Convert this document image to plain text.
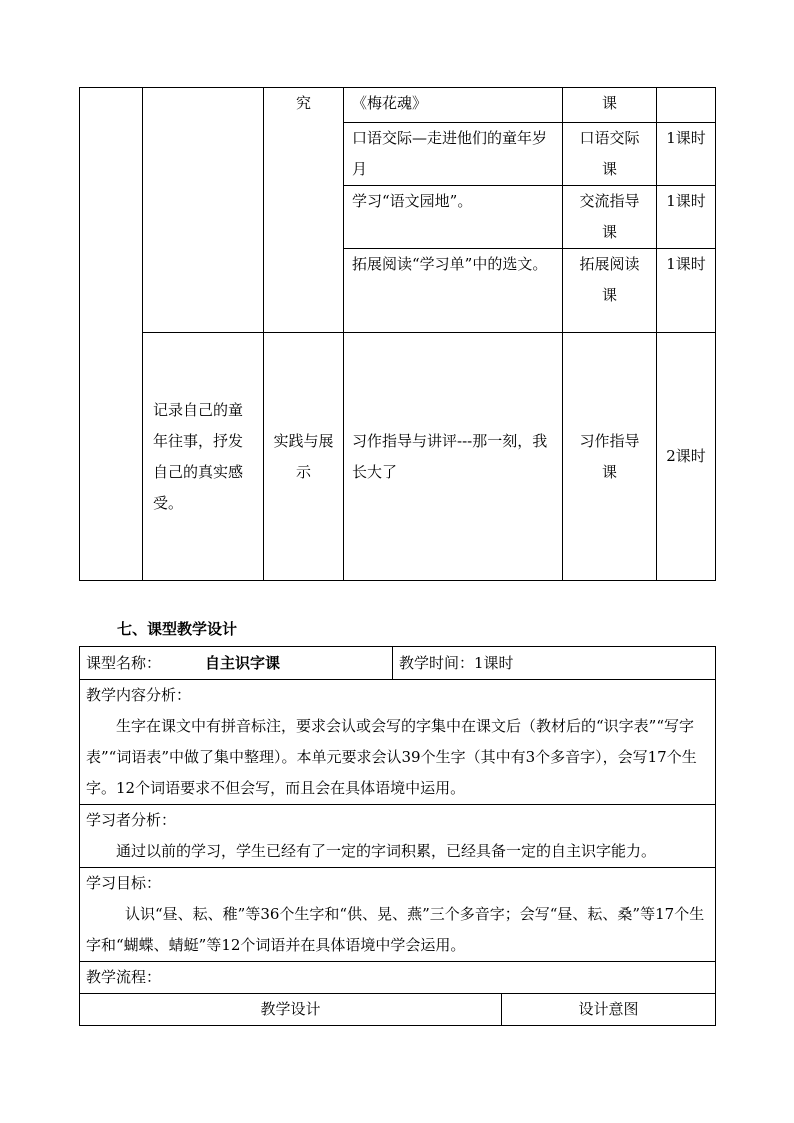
		究	《梅花魂》	课	
			口语交际—走进他们的童年岁月	口语交际课	1课时
			学习“语文园地”。	交流指导课	1课时
			拓展阅读“学习单”中的选文。	拓展阅读课	1课时
	记录自己的童年往事，抒发自己的真实感受。	实践与展示	习作指导与讲评---那一刻，我长大了	习作指导课	2课时
七、课型教学设计
课型名称： 自主识字课	教学时间：1课时	

教学内容分析：
生字在课文中有拼音标注，要求会认或会写的字集中在课文后（教材后的“识字表”“写字表”“词语表”中做了集中整理）。本单元要求会认39个生字（其中有3个多音字），会写17个生字。12个词语要求不但会写，而且会在具体语境中运用。		

学习者分析：
通过以前的学习，学生已经有了一定的字词积累，已经具备一定的自主识字能力。		

学习目标：
认识“昼、耘、稚”等36个生字和“供、晃、燕”三个多音字；会写“昼、耘、桑”等17个生字和“蝴蝶、蜻蜓”等12个词语并在具体语境中学会运用。		

教学流程：		
教学设计		设计意图
